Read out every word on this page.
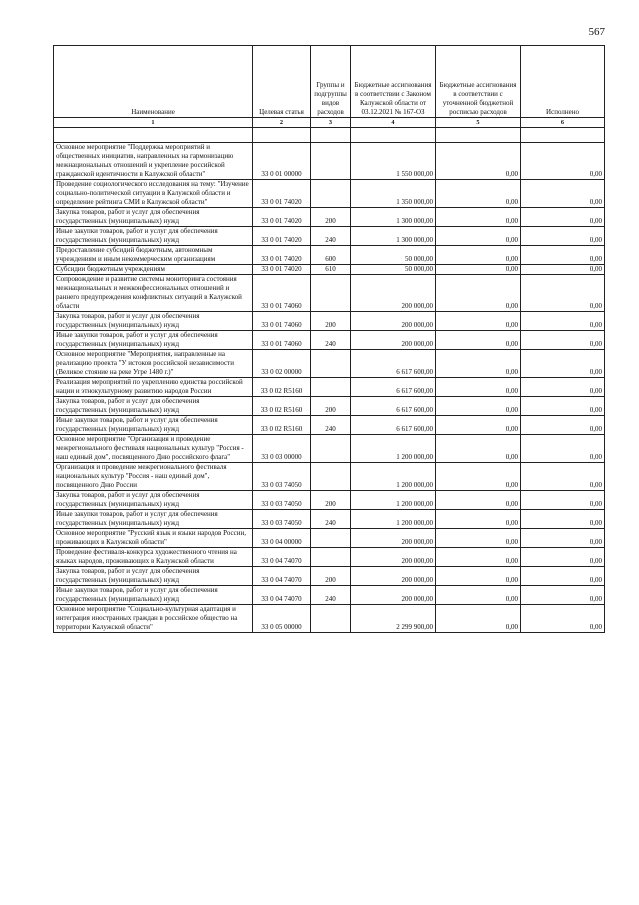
567
Наименование	Целевая статья	Группы и подгруппы видов расходов	Бюджетные ассигнования в соответствии с Законом Калужской области от 03.12.2021 № 167-ОЗ	Бюджетные ассигнования в соответствии с уточненной бюджетной росписью расходов	Исполнено
1	2	3	4	5	6

Основное мероприятие "Поддержка мероприятий и общественных инициатив, направленных на гармонизацию межнациональных отношений и укрепление российской гражданской идентичности в Калужской области"	33 0 01 00000		1 550 000,00	0,00	0,00
Проведение социологического исследования на тему: "Изучение социально-политической ситуации в Калужской области и определение рейтинга СМИ в Калужской области"	33 0 01 74020		1 350 000,00	0,00	0,00
Закупка товаров, работ и услуг для обеспечения государственных (муниципальных) нужд	33 0 01 74020	200	1 300 000,00	0,00	0,00
Иные закупки товаров, работ и услуг для обеспечения государственных (муниципальных) нужд	33 0 01 74020	240	1 300 000,00	0,00	0,00
Предоставление субсидий бюджетным, автономным учреждениям и иным некоммерческим организациям	33 0 01 74020	600	50 000,00	0,00	0,00
Субсидии бюджетным учреждениям	33 0 01 74020	610	50 000,00	0,00	0,00
Сопровождение и развитие системы мониторинга состояния межнациональных и межконфессиональных отношений и раннего предупреждения конфликтных ситуаций в Калужской области	33 0 01 74060		200 000,00	0,00	0,00
Закупка товаров, работ и услуг для обеспечения государственных (муниципальных) нужд	33 0 01 74060	200	200 000,00	0,00	0,00
Иные закупки товаров, работ и услуг для обеспечения государственных (муниципальных) нужд	33 0 01 74060	240	200 000,00	0,00	0,00
Основное мероприятие "Мероприятия, направленные на реализацию проекта "У истоков российской независимости (Великое стояние на реке Угре 1480 г.)"	33 0 02 00000		6 617 600,00	0,00	0,00
Реализация мероприятий по укреплению единства российской нации и этнокультурному развитию народов России	33 0 02 R5160		6 617 600,00	0,00	0,00
Закупка товаров, работ и услуг для обеспечения государственных (муниципальных) нужд	33 0 02 R5160	200	6 617 600,00	0,00	0,00
Иные закупки товаров, работ и услуг для обеспечения государственных (муниципальных) нужд	33 0 02 R5160	240	6 617 600,00	0,00	0,00
Основное мероприятие "Организация и проведение межрегионального фестиваля национальных культур "Россия - наш единый дом", посвященного Дню российского флага"	33 0 03 00000		1 200 000,00	0,00	0,00
Организация и проведение межрегионального фестиваля национальных культур "Россия - наш единый дом", посвященного Дню России	33 0 03 74050		1 200 000,00	0,00	0,00
Закупка товаров, работ и услуг для обеспечения государственных (муниципальных) нужд	33 0 03 74050	200	1 200 000,00	0,00	0,00
Иные закупки товаров, работ и услуг для обеспечения государственных (муниципальных) нужд	33 0 03 74050	240	1 200 000,00	0,00	0,00
Основное мероприятие "Русский язык и языки народов России, проживающих в Калужской области"	33 0 04 00000		200 000,00	0,00	0,00
Проведение фестиваля-конкурса художественного чтения на языках народов, проживающих в Калужской области	33 0 04 74070		200 000,00	0,00	0,00
Закупка товаров, работ и услуг для обеспечения государственных (муниципальных) нужд	33 0 04 74070	200	200 000,00	0,00	0,00
Иные закупки товаров, работ и услуг для обеспечения государственных (муниципальных) нужд	33 0 04 74070	240	200 000,00	0,00	0,00
Основное мероприятие "Социально-культурная адаптация и интеграция иностранных граждан в российское общество на территории Калужской области"	33 0 05 00000		2 299 900,00	0,00	0,00
